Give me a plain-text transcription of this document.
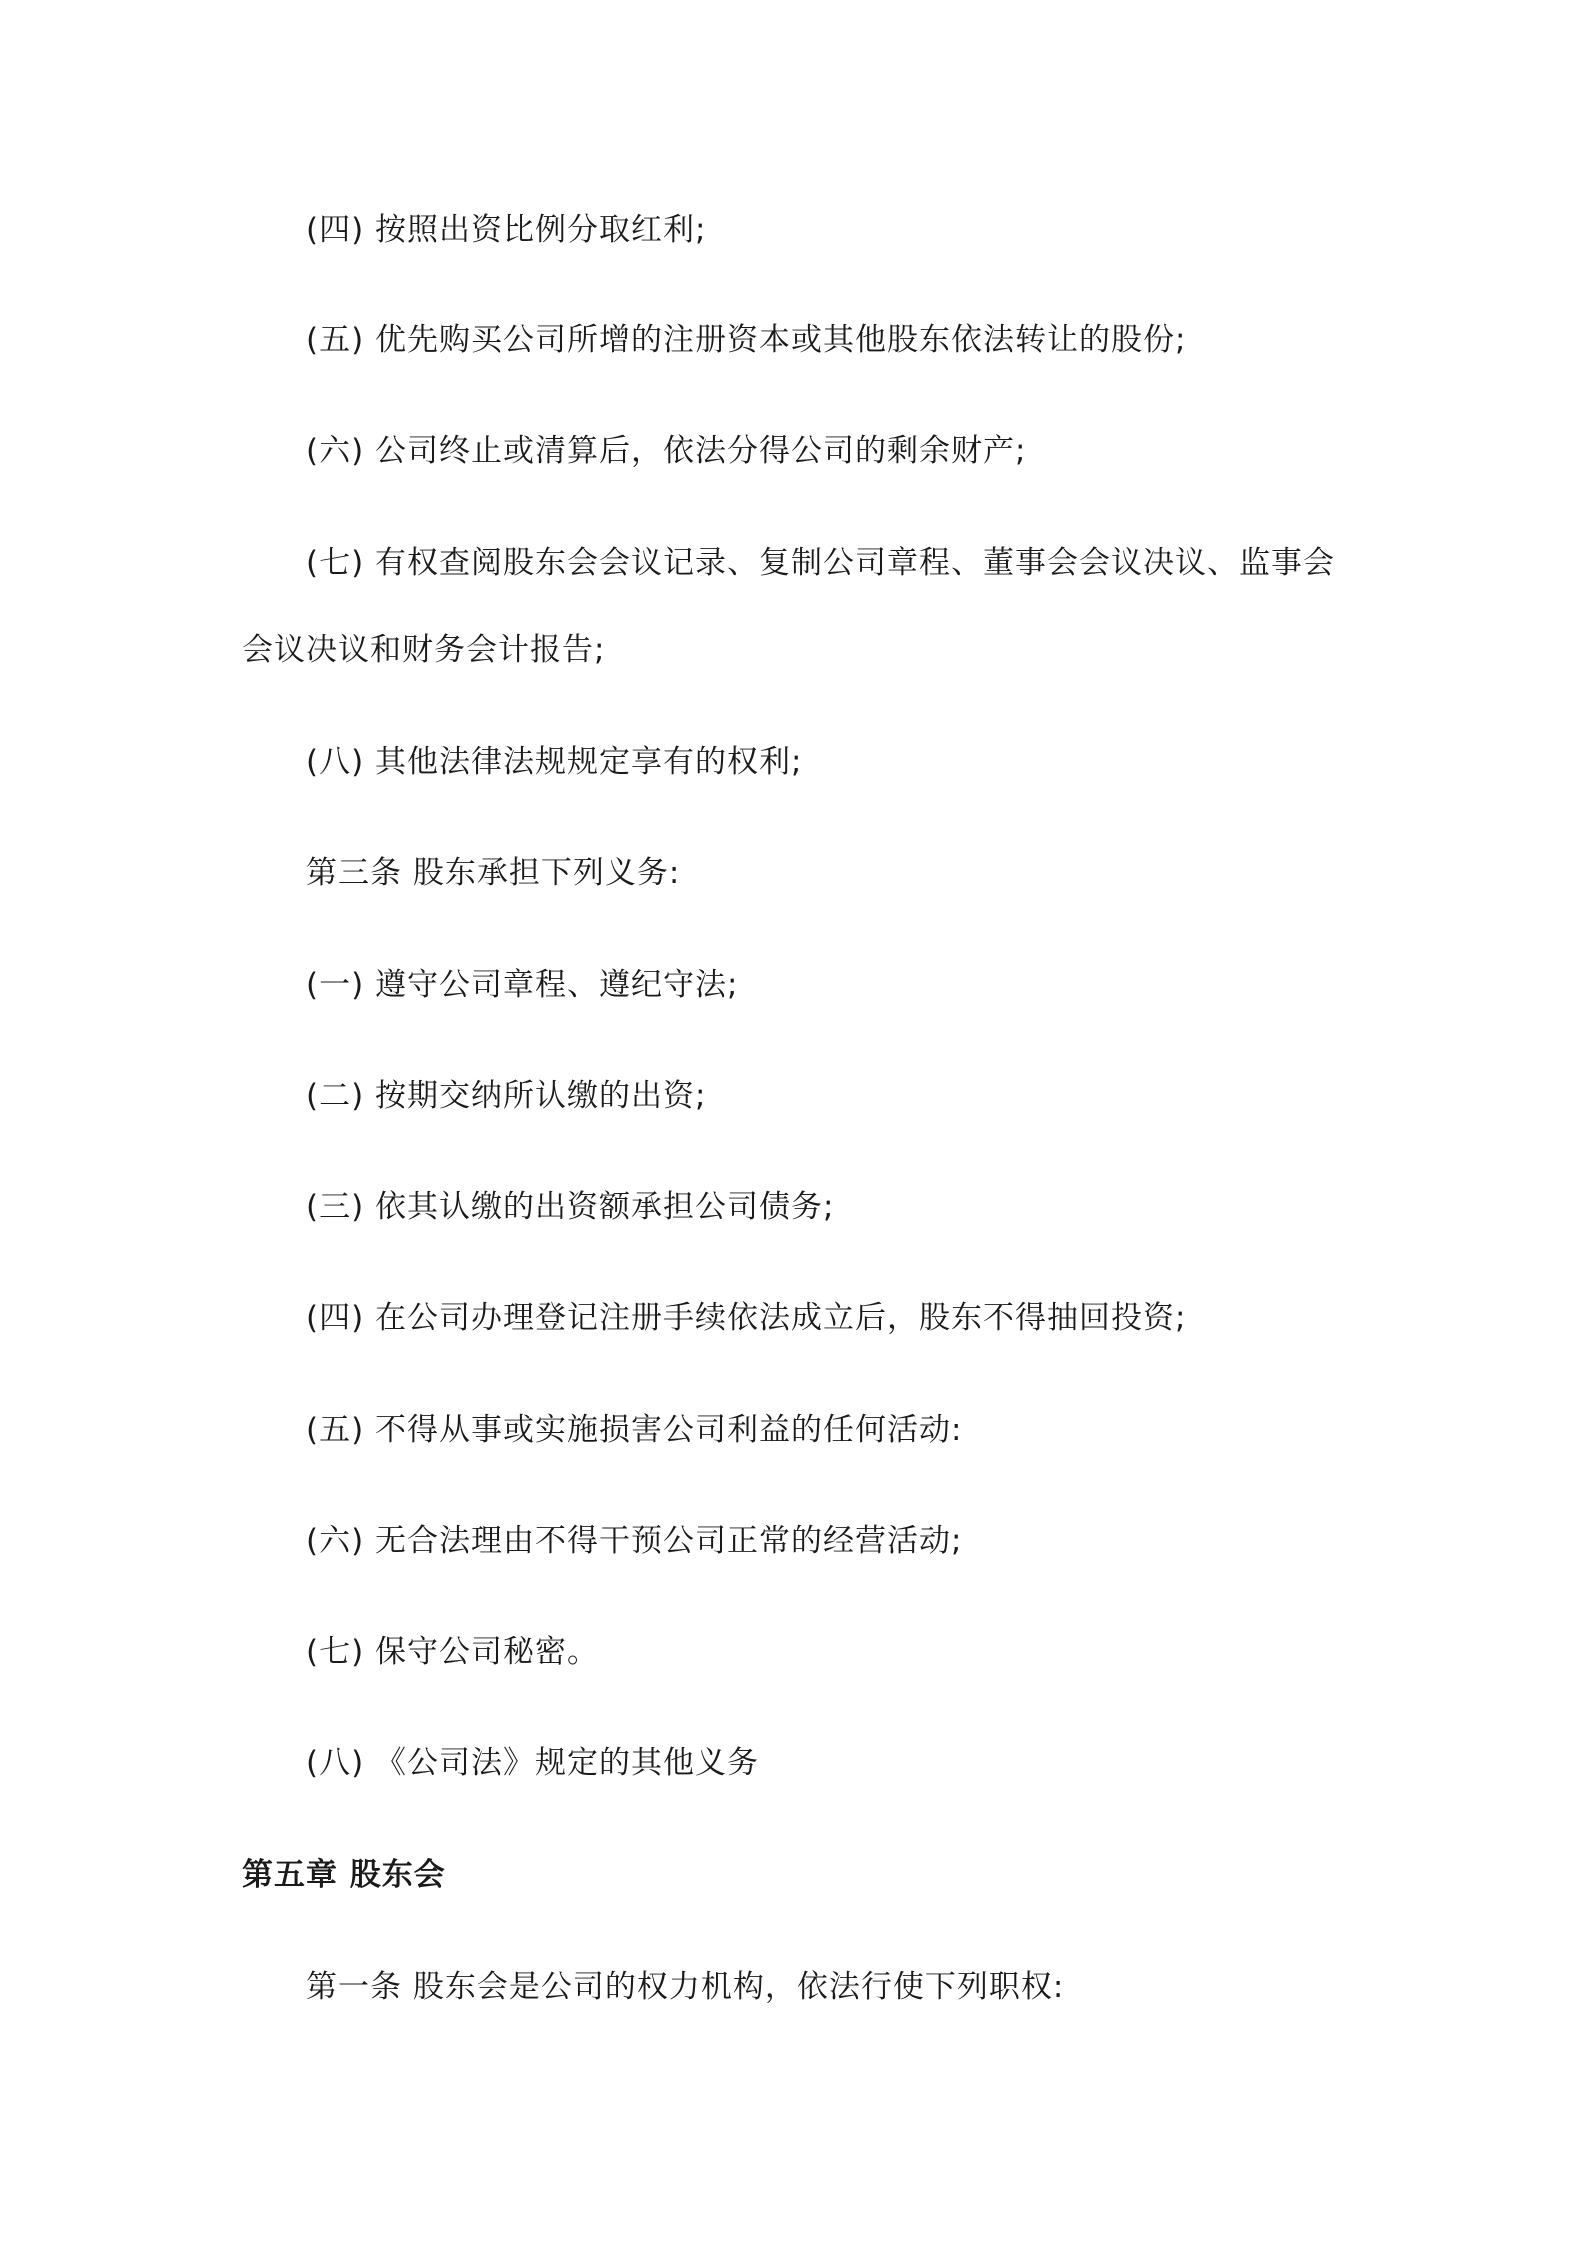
(四) 按照出资比例分取红利;
(五) 优先购买公司所增的注册资本或其他股东依法转让的股份;
(六) 公司终止或清算后，依法分得公司的剩余财产;
(七) 有权查阅股东会会议记录、复制公司章程、董事会会议决议、监事会
会议决议和财务会计报告;
(八) 其他法律法规规定享有的权利;
第三条 股东承担下列义务:
(一) 遵守公司章程、遵纪守法;
(二) 按期交纳所认缴的出资;
(三) 依其认缴的出资额承担公司债务;
(四) 在公司办理登记注册手续依法成立后，股东不得抽回投资;
(五) 不得从事或实施损害公司利益的任何活动:
(六) 无合法理由不得干预公司正常的经营活动;
(七) 保守公司秘密。
(八) 《公司法》规定的其他义务
第五章 股东会
第一条 股东会是公司的权力机构，依法行使下列职权:
